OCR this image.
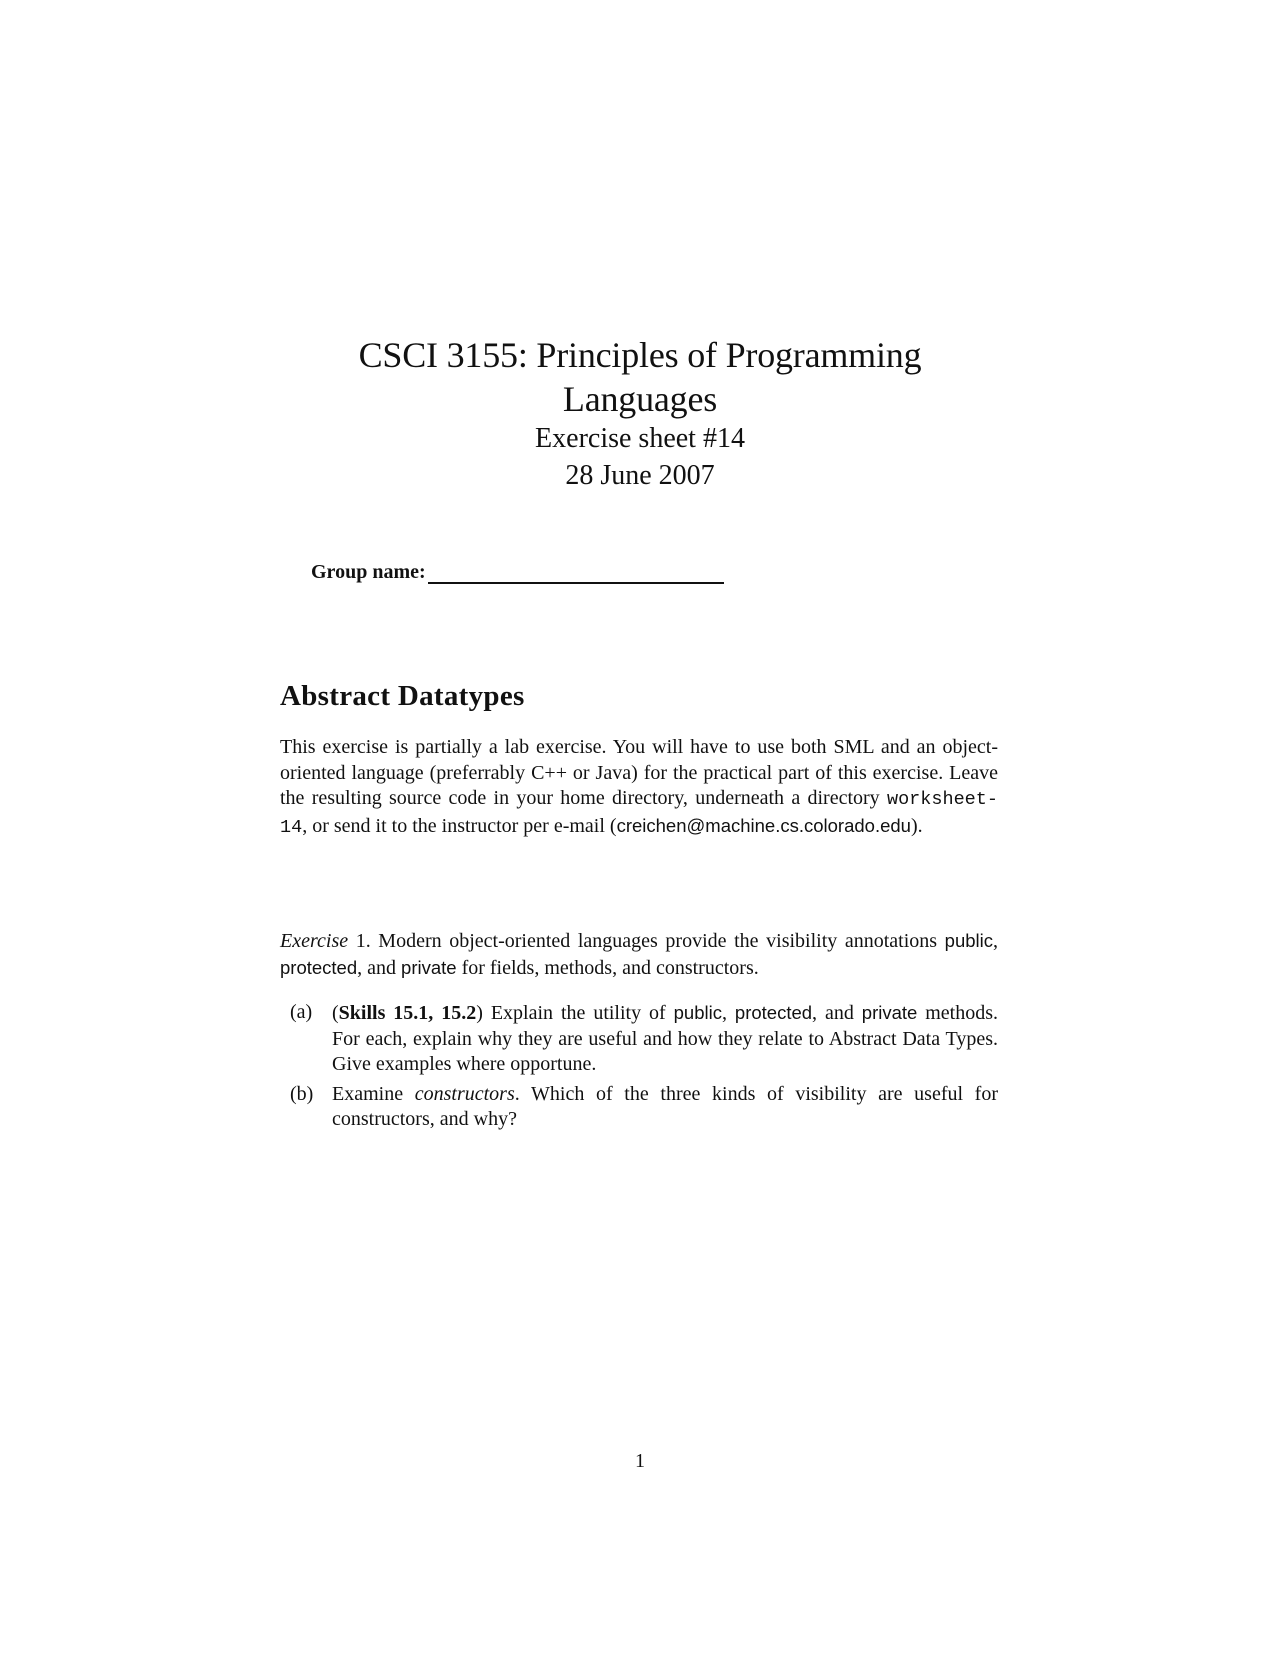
CSCI 3155: Principles of Programming Languages
Exercise sheet #14
28 June 2007
Group name:
Abstract Datatypes
This exercise is partially a lab exercise. You will have to use both SML and an object-oriented language (preferrably C++ or Java) for the practical part of this exercise. Leave the resulting source code in your home directory, underneath a directory worksheet-14, or send it to the instructor per e-mail (creichen@machine.cs.colorado.edu).
Exercise 1. Modern object-oriented languages provide the visibility annotations public, protected, and private for fields, methods, and constructors.
(a) (Skills 15.1, 15.2) Explain the utility of public, protected, and private methods. For each, explain why they are useful and how they relate to Abstract Data Types. Give examples where opportune.
(b) Examine constructors. Which of the three kinds of visibility are useful for constructors, and why?
1
